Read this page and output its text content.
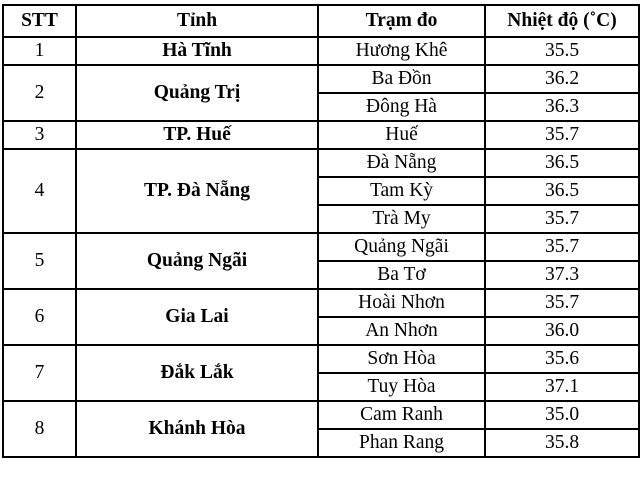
STT	Tỉnh	Trạm đo	Nhiệt độ (˚C)
1	Hà Tĩnh	Hương Khê	35.5
2	Quảng Trị	Ba Đồn	36.2
		Đông Hà	36.3
3	TP. Huế	Huế	35.7
4	TP. Đà Nẵng	Đà Nẵng	36.5
		Tam Kỳ	36.5
		Trà My	35.7
5	Quảng Ngãi	Quảng Ngãi	35.7
		Ba Tơ	37.3
6	Gia Lai	Hoài Nhơn	35.7
		An Nhơn	36.0
7	Đắk Lắk	Sơn Hòa	35.6
		Tuy Hòa	37.1
8	Khánh Hòa	Cam Ranh	35.0
		Phan Rang	35.8
